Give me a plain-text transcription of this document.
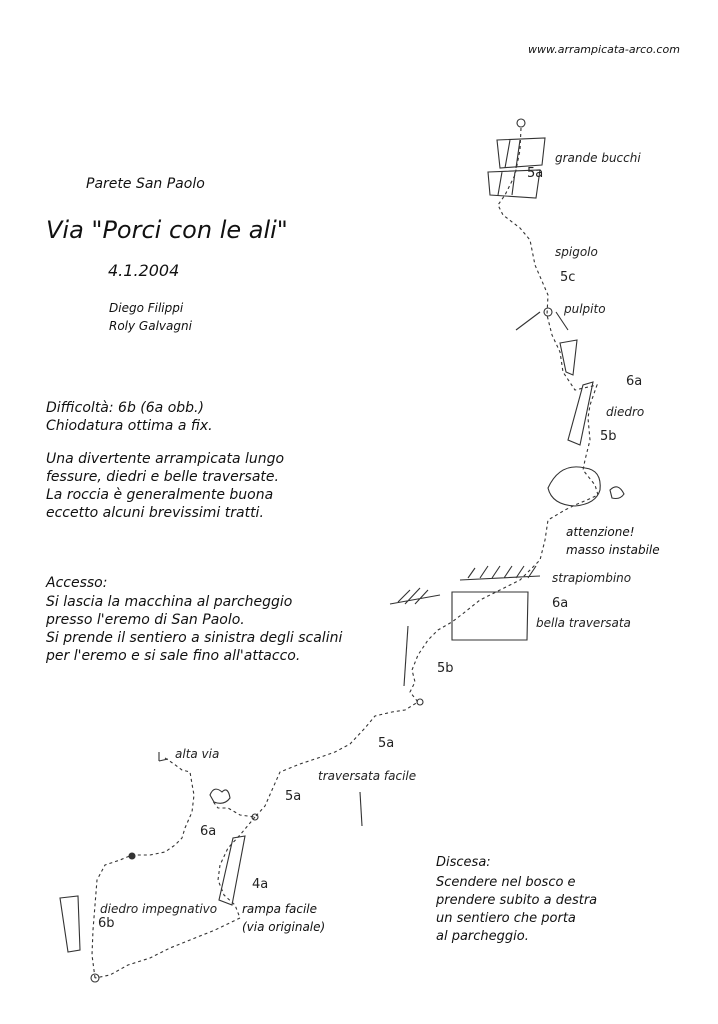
www.arrampicata-arco.com
Parete San Paolo
Via "Porci con le ali"
4.1.2004
Diego Filippi
Roly Galvagni
Difficoltà: 6b (6a obb.)
Chiodatura ottima a fix.
Una divertente arrampicata lungo
fessure, diedri e belle traversate.
La roccia è generalmente buona
eccetto alcuni brevissimi tratti.
Accesso:
Si lascia la macchina al parcheggio
presso l'eremo di San Paolo.
Si prende il sentiero a sinistra degli scalini
per l'eremo e si sale fino all'attacco.
Discesa:
Scendere nel bosco e
prendere subito a destra
un sentiero che porta
al parcheggio.
grande bucchi
spigolo
pulpito
diedro
strapiombino
bella traversata
traversata facile
alta via
diedro impegnativo
5a
5c
6a
5b
6a
5b
5a
5a
6a
4a
6b
attenzione!
masso instabile
rampa facile
(via originale)
